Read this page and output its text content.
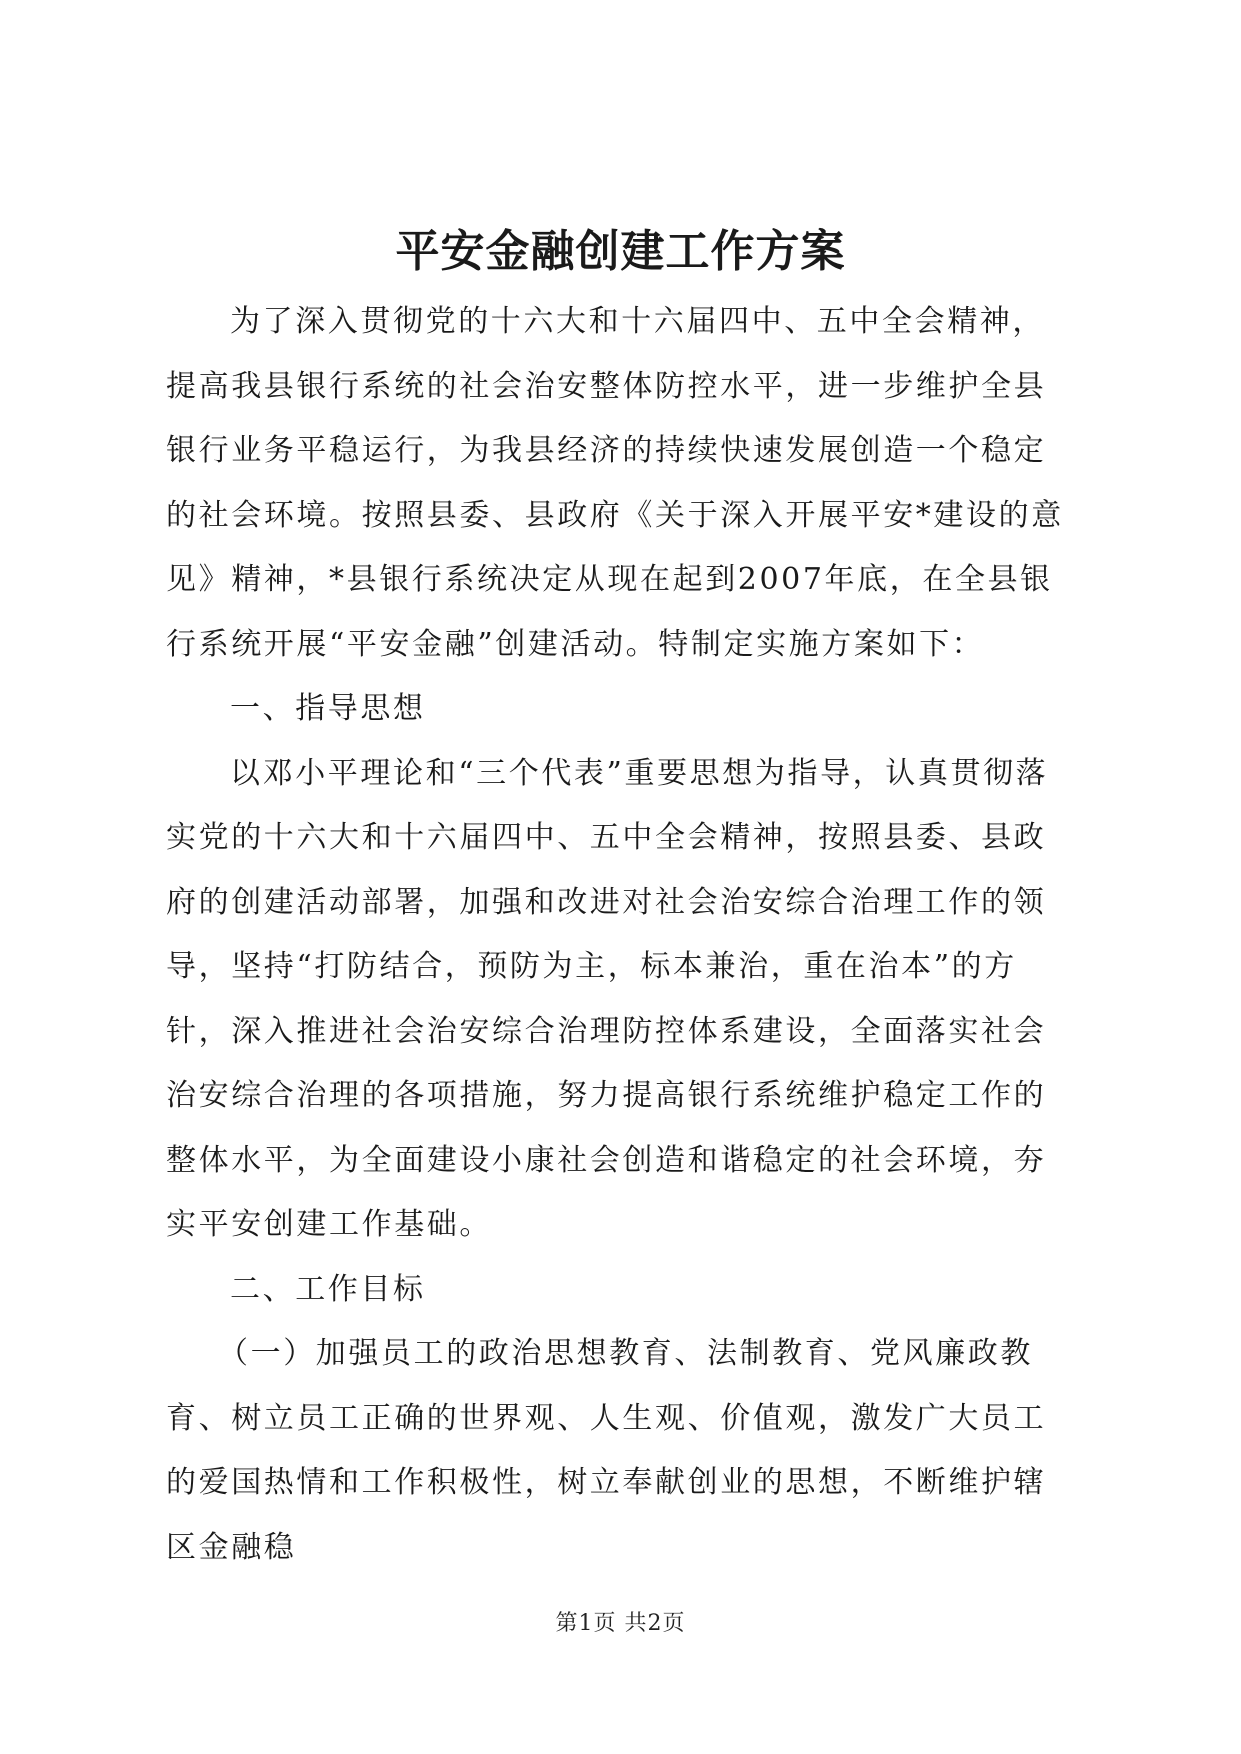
平安金融创建工作方案

为了深入贯彻党的十六大和十六届四中、五中全会精神，提高我县银行系统的社会治安整体防控水平，进一步维护全县银行业务平稳运行，为我县经济的持续快速发展创造一个稳定的社会环境。按照县委、县政府《关于深入开展平安*建设的意见》精神，*县银行系统决定从现在起到2007年底，在全县银行系统开展“平安金融”创建活动。特制定实施方案如下：

一、指导思想

以邓小平理论和“三个代表”重要思想为指导，认真贯彻落实党的十六大和十六届四中、五中全会精神，按照县委、县政府的创建活动部署，加强和改进对社会治安综合治理工作的领导，坚持“打防结合，预防为主，标本兼治，重在治本”的方针，深入推进社会治安综合治理防控体系建设，全面落实社会治安综合治理的各项措施，努力提高银行系统维护稳定工作的整体水平，为全面建设小康社会创造和谐稳定的社会环境，夯实平安创建工作基础。

二、工作目标

（一）加强员工的政治思想教育、法制教育、党风廉政教育、树立员工正确的世界观、人生观、价值观，激发广大员工的爱国热情和工作积极性，树立奉献创业的思想，不断维护辖区金融稳

第1页 共2页
